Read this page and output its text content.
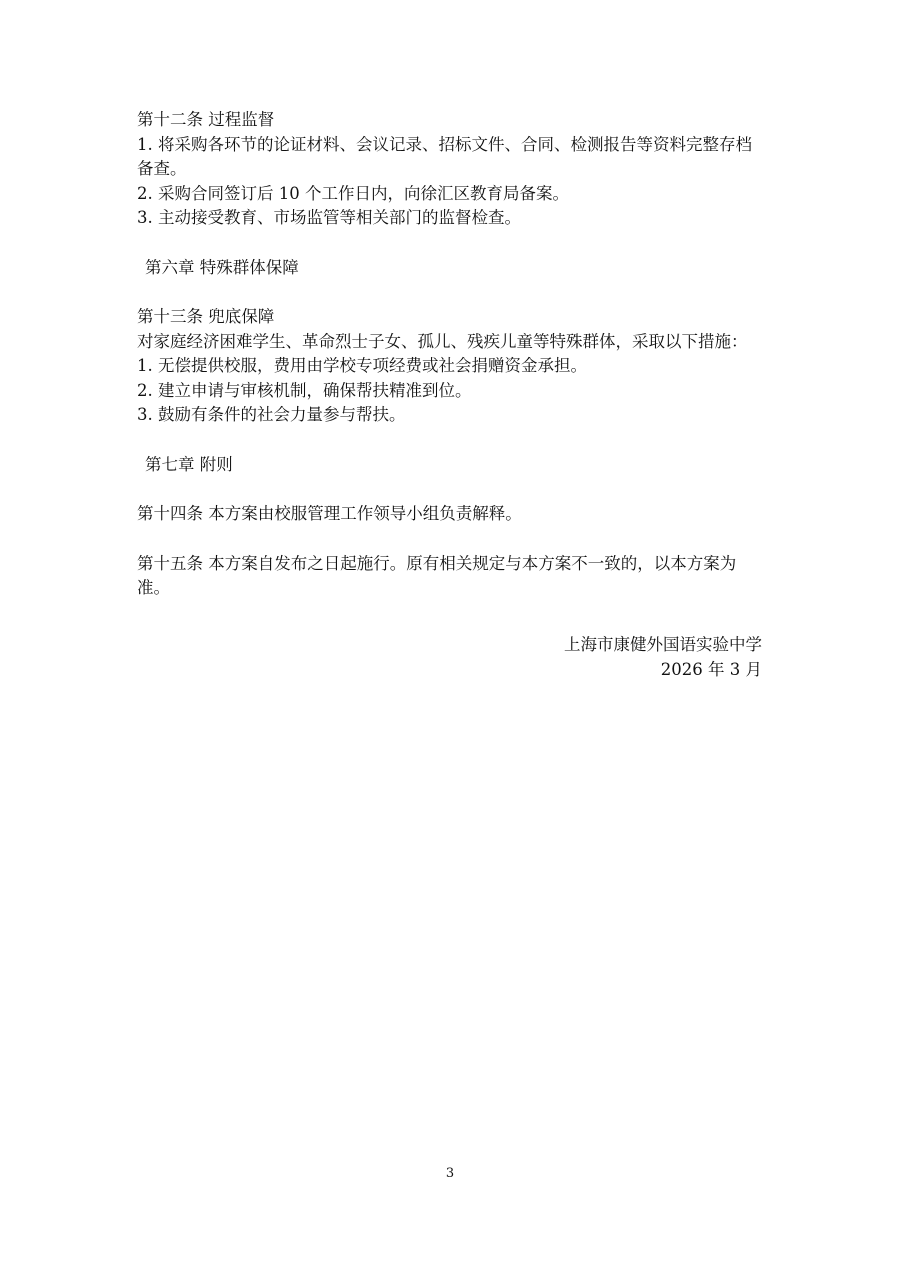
第十二条 过程监督
1. 将采购各环节的论证材料、会议记录、招标文件、合同、检测报告等资料完整存档备查。
2. 采购合同签订后 10 个工作日内，向徐汇区教育局备案。
3. 主动接受教育、市场监管等相关部门的监督检查。
第六章 特殊群体保障
第十三条 兜底保障
对家庭经济困难学生、革命烈士子女、孤儿、残疾儿童等特殊群体，采取以下措施：
1. 无偿提供校服，费用由学校专项经费或社会捐赠资金承担。
2. 建立申请与审核机制，确保帮扶精准到位。
3. 鼓励有条件的社会力量参与帮扶。
第七章 附则
第十四条 本方案由校服管理工作领导小组负责解释。
第十五条 本方案自发布之日起施行。原有相关规定与本方案不一致的，以本方案为准。
上海市康健外国语实验中学
2026 年 3 月
3
